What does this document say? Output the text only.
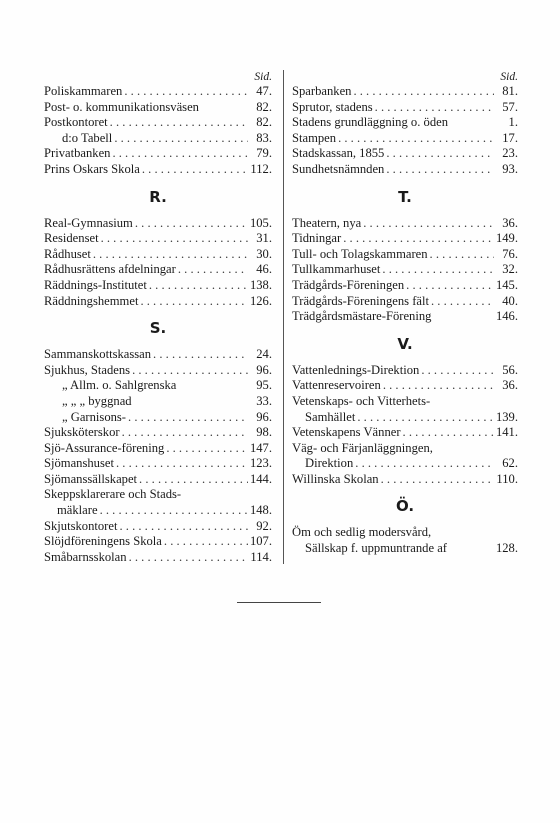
Sid.
Poliskammaren . . .	47.
Post- o. kommunikationsväsen	82.
Postkontoret . . .	82.
d:o Tabell . . .	83.
Privatbanken . . .	79.
Prins Oskars Skola . . .	112.
R.
Real-Gymnasium . . .	105.
Residenset . . .	31.
Rådhuset . . .	30.
Rådhusrättens afdelningar . . .	46.
Räddnings-Institutet . . .	138.
Räddningshemmet . . .	126.
S.
Sammanskottskassan . . .	24.
Sjukhus, Stadens . . .	96.
„ Allm. o. Sahlgrenska	95.
„ „ „ byggnad	33.
„ Garnisons- . . .	96.
Sjuksköterskor . . .	98.
Sjö-Assurance-förening . . .	147.
Sjömanshuset . . .	123.
Sjömanssällskapet . . .	144.
Skeppsklarerare och Stads-
mäklare . . .	148.
Skjutskontoret . . .	92.
Slöjdföreningens Skola . . .	107.
Småbarnsskolan . . .	114.
Sid.
Sparbanken . . .	81.
Sprutor, stadens . . .	57.
Stadens grundläggning o. öden	1.
Stampen . . .	17.
Stadskassan, 1855 . . .	23.
Sundhetsnämnden . . .	93.
T.
Theatern, nya . . .	36.
Tidningar . . .	149.
Tull- och Tolagskammaren . . .	76.
Tullkammarhuset . . .	32.
Trädgårds-Föreningen . . .	145.
Trädgårds-Föreningens fält . . .	40.
Trädgårdsmästare-Förening	146.
V.
Vattenlednings-Direktion . . .	56.
Vattenreservoiren . . .	36.
Vetenskaps- och Vitterhets-
Samhället . . .	139.
Vetenskapens Vänner . . .	141.
Väg- och Färjanläggningen,
Direktion . . .	62.
Willinska Skolan . . .	110.
Ö.
Öm och sedlig modersvård,
Sällskap f. uppmuntrande af	128.
